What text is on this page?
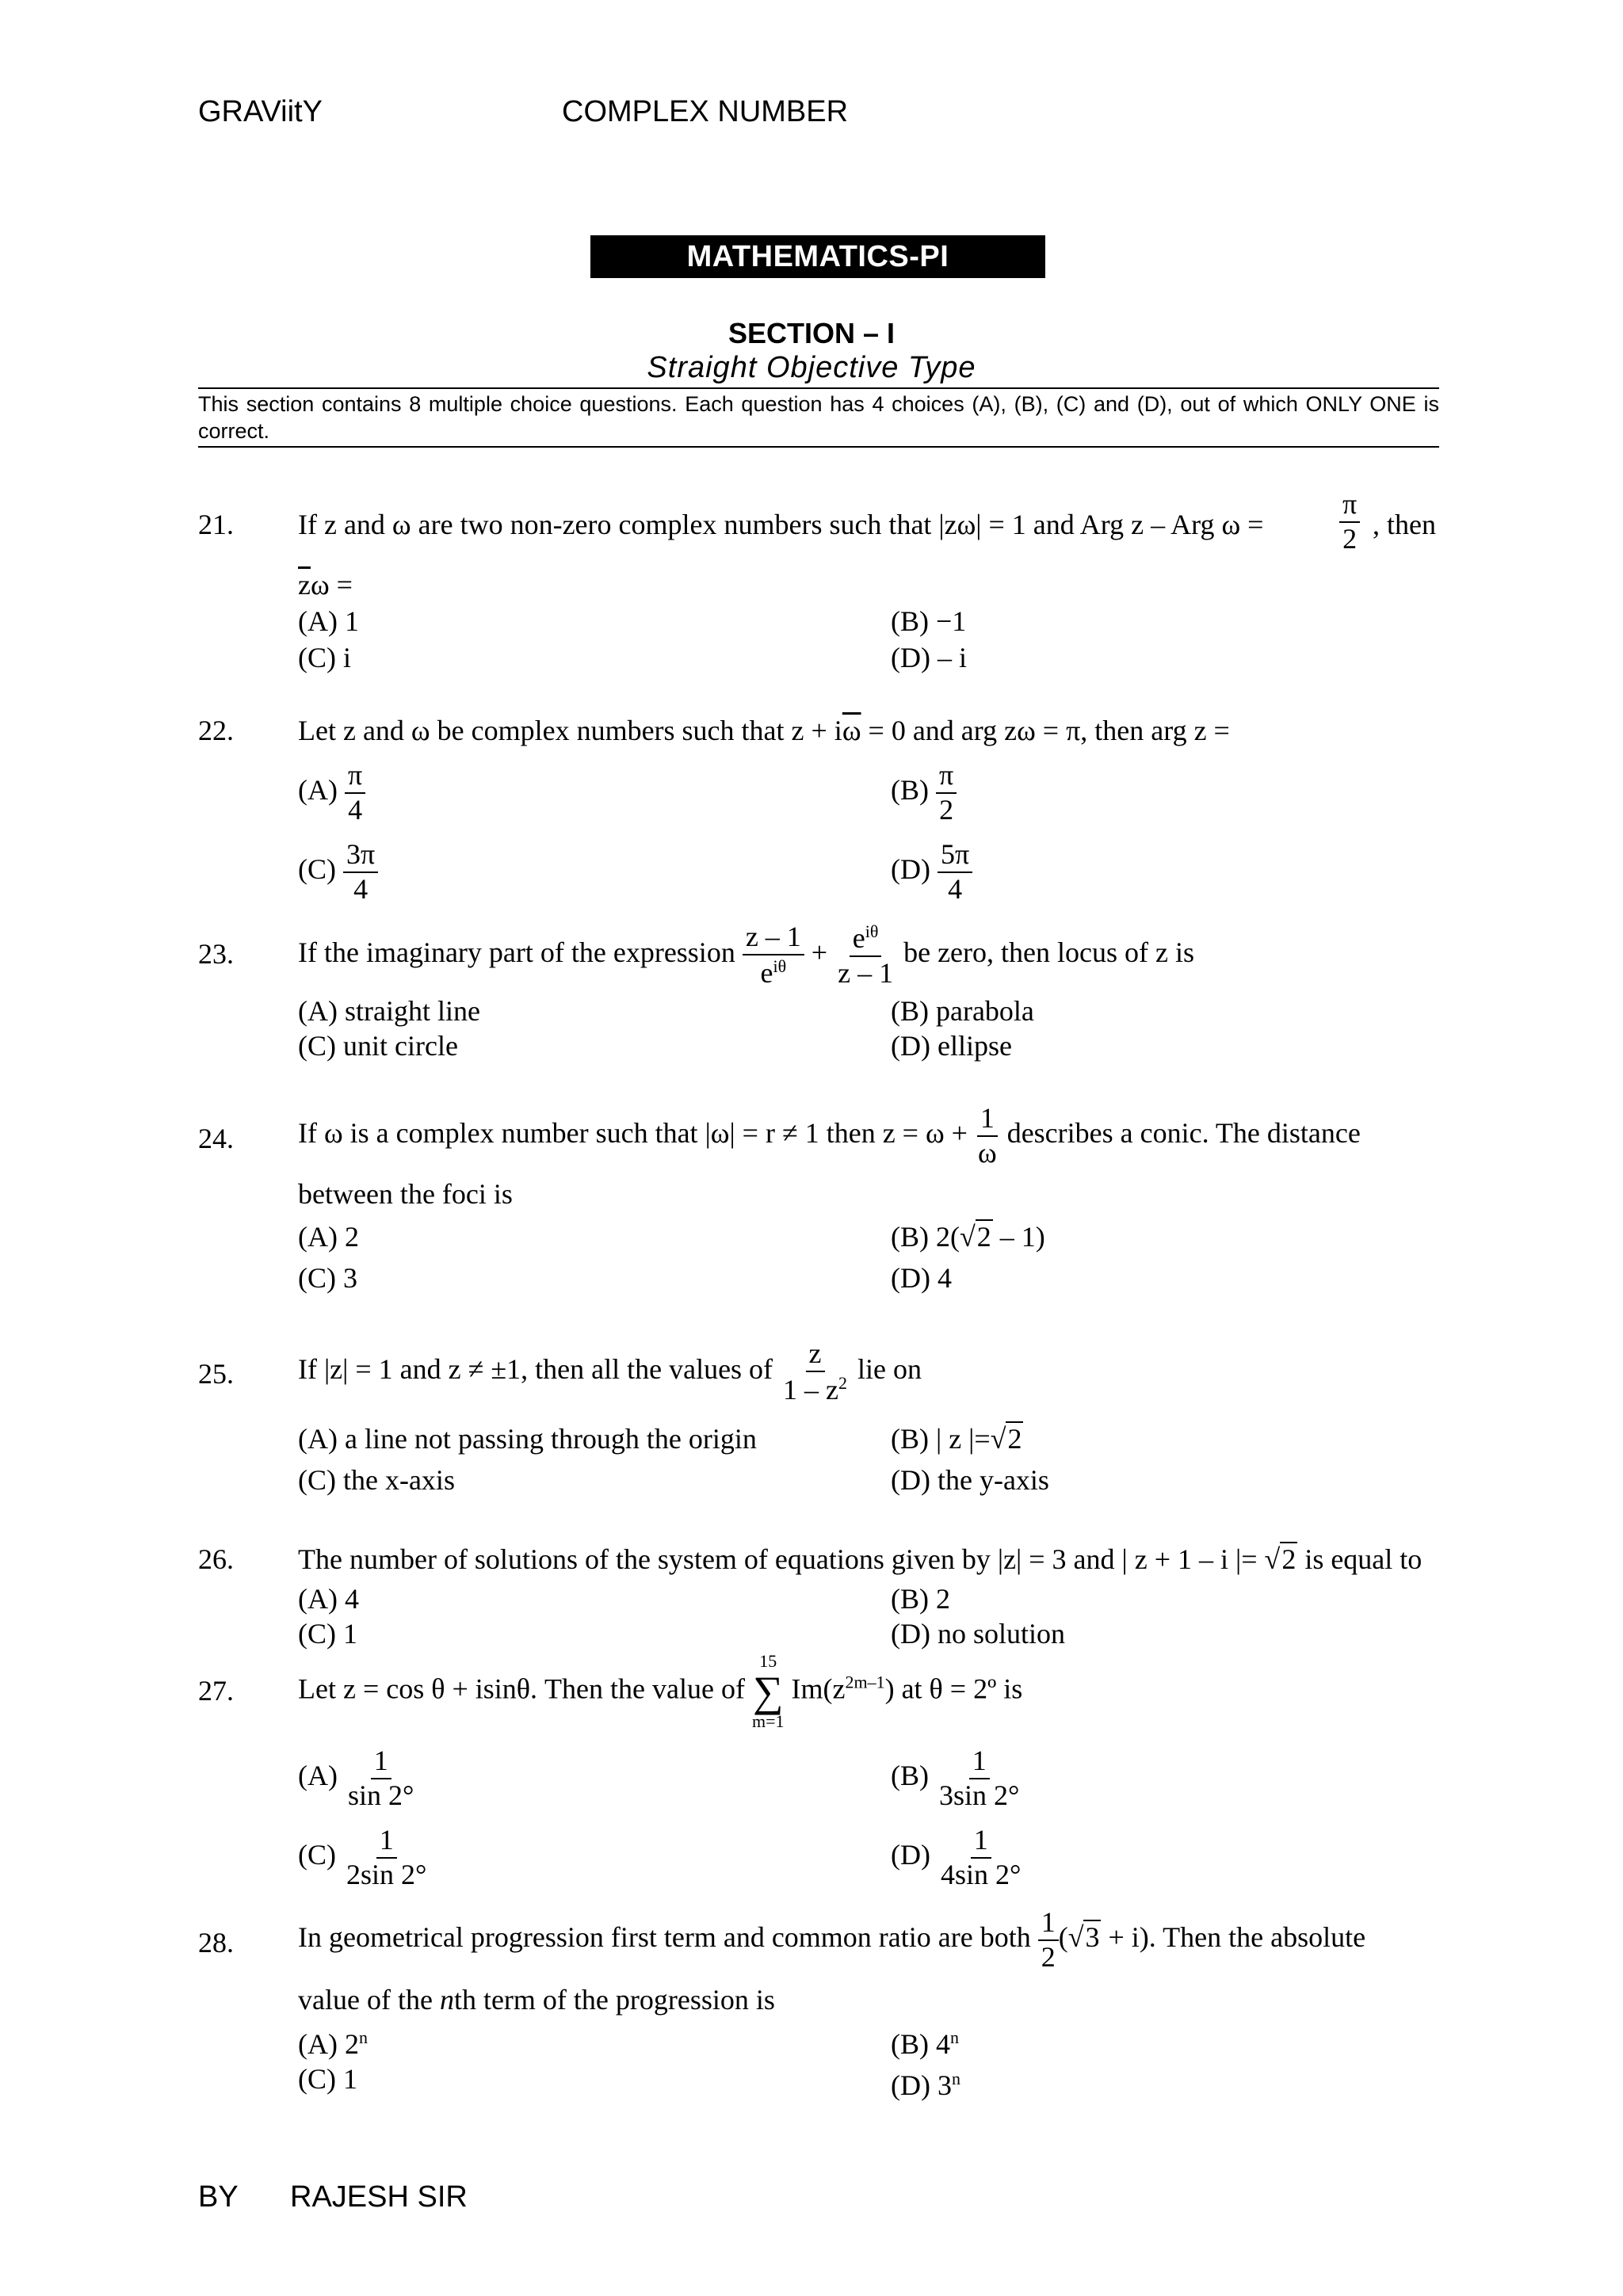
GRAViitY	COMPLEX NUMBER
MATHEMATICS-PI
SECTION – I
Straight Objective Type
This section contains 8 multiple choice questions. Each question has 4 choices (A), (B), (C) and (D), out of which ONLY ONE is correct.
21. If z and ω are two non-zero complex numbers such that |zω| = 1 and Arg z – Arg ω =	$\frac{\pi}{2}$ , then
$\overline{z}\omega$ =
(A) 1	(B) −1
(C) i	(D) – i
22. Let z and ω be complex numbers such that $z + i\overline{\omega} = 0$ and arg zω = π, then arg z =
$(A) \frac{\pi}{4}$	$(B) \frac{\pi}{2}$
$(C) \frac{3\pi}{4}$	$(D) \frac{5\pi}{4}$
23. If the imaginary part of the expression $\frac{z - 1}{e^{i\theta}} + \frac{e^{i\theta}}{z - 1}$ be zero, then locus of z is
(A) straight line	(B) parabola
(C) unit circle	(D) ellipse
24. If ω is a complex number such that |ω| = r ≠ 1 then $z = \omega + \frac{1}{\omega}$ describes a conic. The distance
between the foci is
(A) 2	(B) 2(√2 – 1)
(C) 3	(D) 4
25. If |z| = 1 and z ≠ ±1, then all the values of $\frac{z}{1 - z^2}$ lie on
(A) a line not passing through the origin	(B) | z |=√2
(C) the x-axis	(D) the y-axis
26. The number of solutions of the system of equations given by |z| = 3 and | z + 1 – i |= √2 is equal to
(A) 4	(B) 2
(C) 1	(D) no solution
27. Let z = cos θ + isinθ. Then the value of
15
∑
m=1
$Im(z^{2m-1})$ at θ = 2º is
$(A) \frac{1}{\sin 2^\circ}$	$(B) \frac{1}{3\sin 2^\circ}$
$(C) \frac{1}{2\sin 2^\circ}$	$(D) \frac{1}{4\sin 2^\circ}$
28. In geometrical progression first term and common ratio are both $\frac{1}{2} (√3 + i)$. Then the absolute
value of the nth term of the progression is
(A) 2$^n$	(B) 4$^n$
(C) 1	(D) 3$^n$
BY RAJESH SIR
